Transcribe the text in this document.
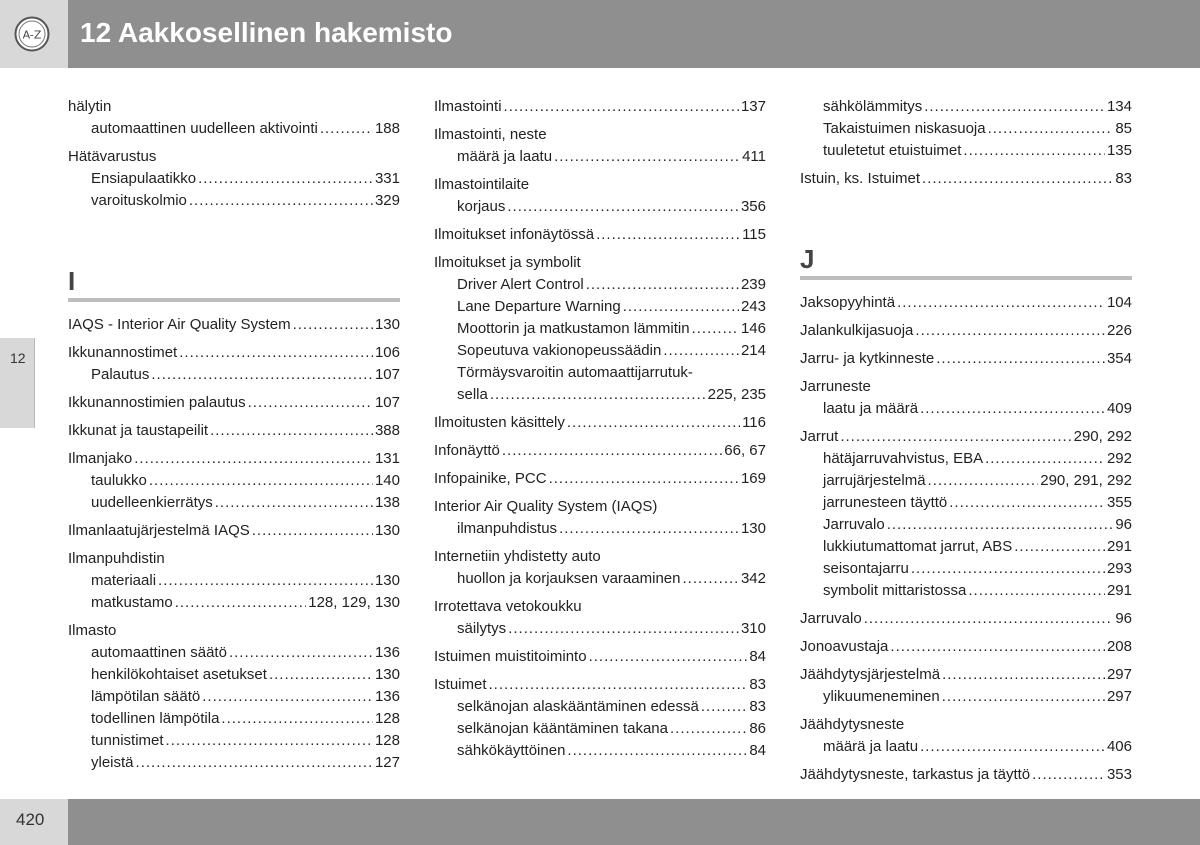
A-Z 12 Aakkosellinen hakemisto
12
hälytin
automaattinen uudelleen aktivointi .....	188
Hätävarustus
Ensiapulaatikko .....	331
varoituskolmio .....	329
I
IAQS - Interior Air Quality System .....	130
Ikkunannostimet .....	106
Palautus .....	107
Ikkunannostimien palautus .....	107
Ikkunat ja taustapeilit .....	388
Ilmanjako .....	131
taulukko .....	140
uudelleenkierrätys .....	138
Ilmanlaatujärjestelmä IAQS .....	130
Ilmanpuhdistin
materiaali .....	130
matkustamo .....	128, 129, 130
Ilmasto
automaattinen säätö .....	136
henkilökohtaiset asetukset .....	130
lämpötilan säätö .....	136
todellinen lämpötila .....	128
tunnistimet .....	128
yleistä .....	127
Ilmastointi .....	137
Ilmastointi, neste
määrä ja laatu .....	411
Ilmastointilaite
korjaus .....	356
Ilmoitukset infonäytössä .....	115
Ilmoitukset ja symbolit
Driver Alert Control .....	239
Lane Departure Warning .....	243
Moottorin ja matkustamon lämmitin .....	146
Sopeutuva vakionopeussäädin .....	214
Törmäysvaroitin automaattijarrutuk-
sella .....	225, 235
Ilmoitusten käsittely .....	116
Infonäyttö .....	66, 67
Infopainike, PCC .....	169
Interior Air Quality System (IAQS)
ilmanpuhdistus .....	130
Internetiin yhdistetty auto
huollon ja korjauksen varaaminen .....	342
Irrotettava vetokoukku
säilytys .....	310
Istuimen muistitoiminto .....	84
Istuimet .....	83
selkänojan alaskääntäminen edessä .....	83
selkänojan kääntäminen takana .....	86
sähkökäyttöinen .....	84
sähkölämmitys .....	134
Takaistuimen niskasuoja .....	85
tuuletetut etuistuimet .....	135
Istuin, ks. Istuimet .....	83
J
Jaksopyyhintä .....	104
Jalankulkijasuoja .....	226
Jarru- ja kytkinneste .....	354
Jarruneste
laatu ja määrä .....	409
Jarrut .....	290, 292
hätäjarruvahvistus, EBA .....	292
jarrujärjestelmä .....	290, 291, 292
jarrunesteen täyttö .....	355
Jarruvalo .....	96
lukkiutumattomat jarrut, ABS .....	291
seisontajarru .....	293
symbolit mittaristossa .....	291
Jarruvalo .....	96
Jonoavustaja .....	208
Jäähdytysjärjestelmä .....	297
ylikuumeneminen .....	297
Jäähdytysneste
määrä ja laatu .....	406
Jäähdytysneste, tarkastus ja täyttö .....	353
420
